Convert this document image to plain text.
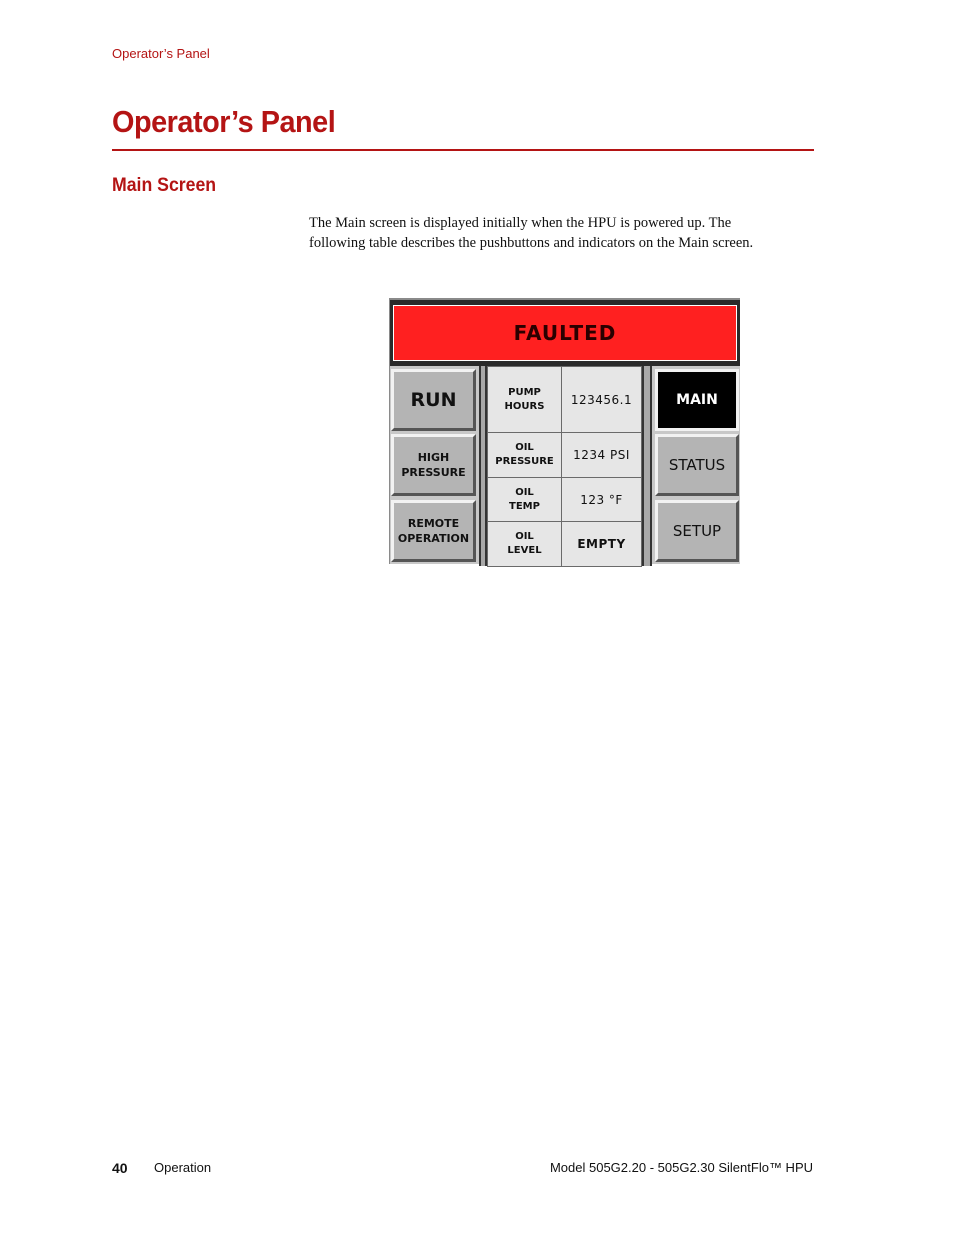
Operator’s Panel
Operator’s Panel
Main Screen

The Main screen is displayed initially when the HPU is powered up. The
following table describes the pushbuttons and indicators on the Main screen.

FAULTED
RUN
HIGH
PRESSURE
REMOTE
OPERATION
PUMP
HOURS	123456.1

OIL
PRESSURE	1234 PSI

OIL
TEMP	123 °F

OIL
LEVEL	EMPTY
MAIN
STATUS
SETUP
40 Operation	Model 505G2.20 - 505G2.30 SilentFlo™ HPU
